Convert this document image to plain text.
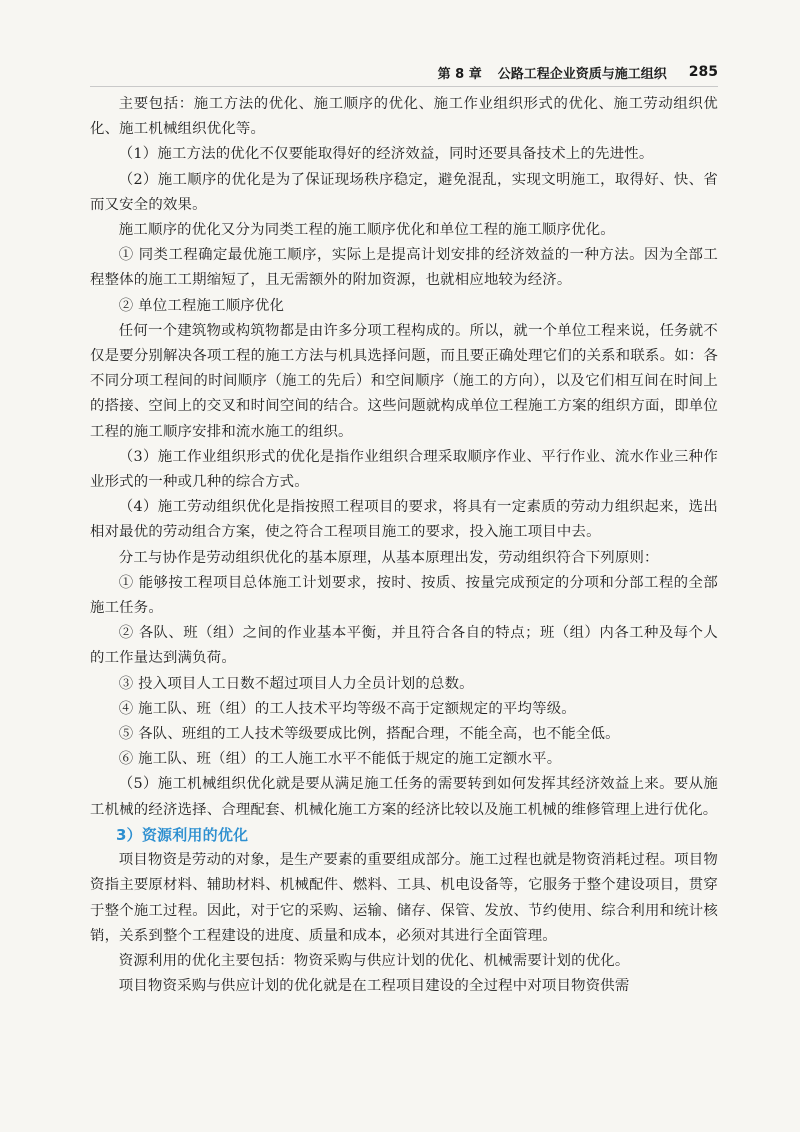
第 8 章 公路工程企业资质与施工组织 285

主要包括：施工方法的优化、施工顺序的优化、施工作业组织形式的优化、施工劳动组织优化、施工机械组织优化等。

（1）施工方法的优化不仅要能取得好的经济效益，同时还要具备技术上的先进性。

（2）施工顺序的优化是为了保证现场秩序稳定，避免混乱，实现文明施工，取得好、快、省而又安全的效果。

施工顺序的优化又分为同类工程的施工顺序优化和单位工程的施工顺序优化。

① 同类工程确定最优施工顺序，实际上是提高计划安排的经济效益的一种方法。因为全部工程整体的施工工期缩短了，且无需额外的附加资源，也就相应地较为经济。

② 单位工程施工顺序优化

任何一个建筑物或构筑物都是由许多分项工程构成的。所以，就一个单位工程来说，任务就不仅是要分别解决各项工程的施工方法与机具选择问题，而且要正确处理它们的关系和联系。如：各不同分项工程间的时间顺序（施工的先后）和空间顺序（施工的方向），以及它们相互间在时间上的搭接、空间上的交叉和时间空间的结合。这些问题就构成单位工程施工方案的组织方面，即单位工程的施工顺序安排和流水施工的组织。

（3）施工作业组织形式的优化是指作业组织合理采取顺序作业、平行作业、流水作业三种作业形式的一种或几种的综合方式。

（4）施工劳动组织优化是指按照工程项目的要求，将具有一定素质的劳动力组织起来，选出相对最优的劳动组合方案，使之符合工程项目施工的要求，投入施工项目中去。

分工与协作是劳动组织优化的基本原理，从基本原理出发，劳动组织符合下列原则：

① 能够按工程项目总体施工计划要求，按时、按质、按量完成预定的分项和分部工程的全部施工任务。

② 各队、班（组）之间的作业基本平衡，并且符合各自的特点；班（组）内各工种及每个人的工作量达到满负荷。

③ 投入项目人工日数不超过项目人力全员计划的总数。

④ 施工队、班（组）的工人技术平均等级不高于定额规定的平均等级。

⑤ 各队、班组的工人技术等级要成比例，搭配合理，不能全高，也不能全低。

⑥ 施工队、班（组）的工人施工水平不能低于规定的施工定额水平。

（5）施工机械组织优化就是要从满足施工任务的需要转到如何发挥其经济效益上来。要从施工机械的经济选择、合理配套、机械化施工方案的经济比较以及施工机械的维修管理上进行优化。

3）资源利用的优化

项目物资是劳动的对象，是生产要素的重要组成部分。施工过程也就是物资消耗过程。项目物资指主要原材料、辅助材料、机械配件、燃料、工具、机电设备等，它服务于整个建设项目，贯穿于整个施工过程。因此，对于它的采购、运输、储存、保管、发放、节约使用、综合利用和统计核销，关系到整个工程建设的进度、质量和成本，必须对其进行全面管理。

资源利用的优化主要包括：物资采购与供应计划的优化、机械需要计划的优化。

项目物资采购与供应计划的优化就是在工程项目建设的全过程中对项目物资供需
